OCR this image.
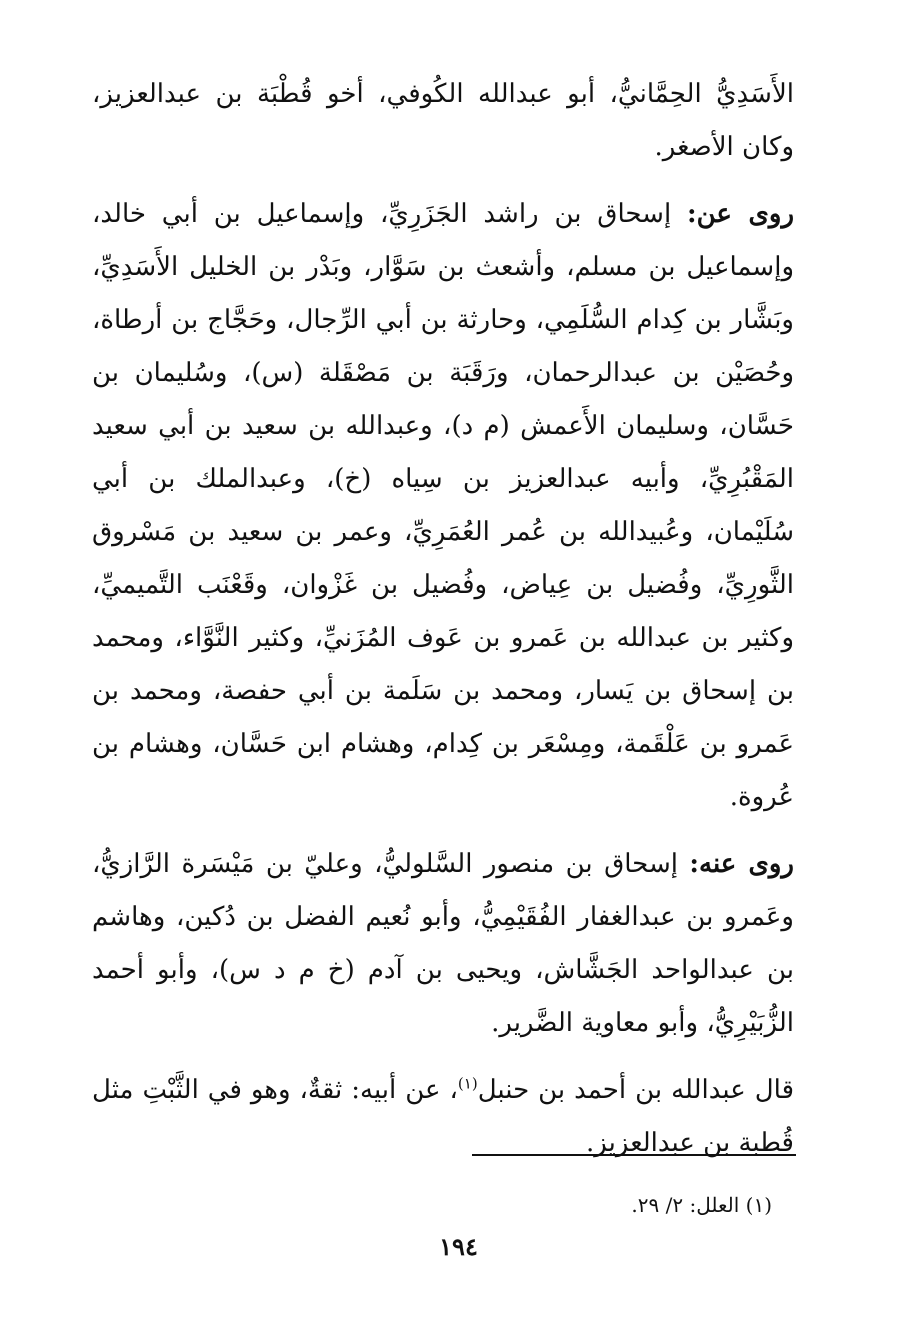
الأَسَدِيُّ الحِمَّانيُّ، أبو عبدالله الكُوفي، أخو قُطْبَة بن عبدالعزيز، وكان الأصغر.

روى عن: إسحاق بن راشد الجَزَرِيِّ، وإسماعيل بن أبي خالد، وإسماعيل بن مسلم، وأشعث بن سَوَّار، وبَدْر بن الخليل الأَسَدِيِّ، وبَشَّار بن كِدام السُّلَمِي، وحارثة بن أبي الرِّجال، وحَجَّاج بن أرطاة، وحُصَيْن بن عبدالرحمان، ورَقَبَة بن مَصْقَلة (س)، وسُليمان بن حَسَّان، وسليمان الأَعمش (م د)، وعبدالله بن سعيد بن أبي سعيد المَقْبُرِيِّ، وأبيه عبدالعزيز بن سِياه (خ)، وعبدالملك بن أبي سُلَيْمان، وعُبيدالله بن عُمر العُمَرِيِّ، وعمر بن سعيد بن مَسْروق الثَّورِيِّ، وفُضيل بن عِياض، وفُضيل بن غَزْوان، وقَعْنَب التَّميميِّ، وكثير بن عبدالله بن عَمرو بن عَوف المُزَنيِّ، وكثير النَّوَّاء، ومحمد بن إسحاق بن يَسار، ومحمد بن سَلَمة بن أبي حفصة، ومحمد بن عَمرو بن عَلْقَمة، ومِسْعَر بن كِدام، وهشام ابن حَسَّان، وهشام بن عُروة.

روى عنه: إسحاق بن منصور السَّلوليُّ، وعليّ بن مَيْسَرة الرَّازيُّ، وعَمرو بن عبدالغفار الفُقَيْمِيُّ، وأبو نُعيم الفضل بن دُكين، وهاشم بن عبدالواحد الجَشَّاش، ويحيى بن آدم (خ م د س)، وأبو أحمد الزُّبَيْرِيُّ، وأبو معاوية الضَّرير.

قال عبدالله بن أحمد بن حنبل$^{(١)}$، عن أبيه: ثقةٌ، وهو في الثَّبْتِ مثل قُطبة بن عبدالعزيز.

(١) العلل: ٢/ ٢٩.
١٩٤
